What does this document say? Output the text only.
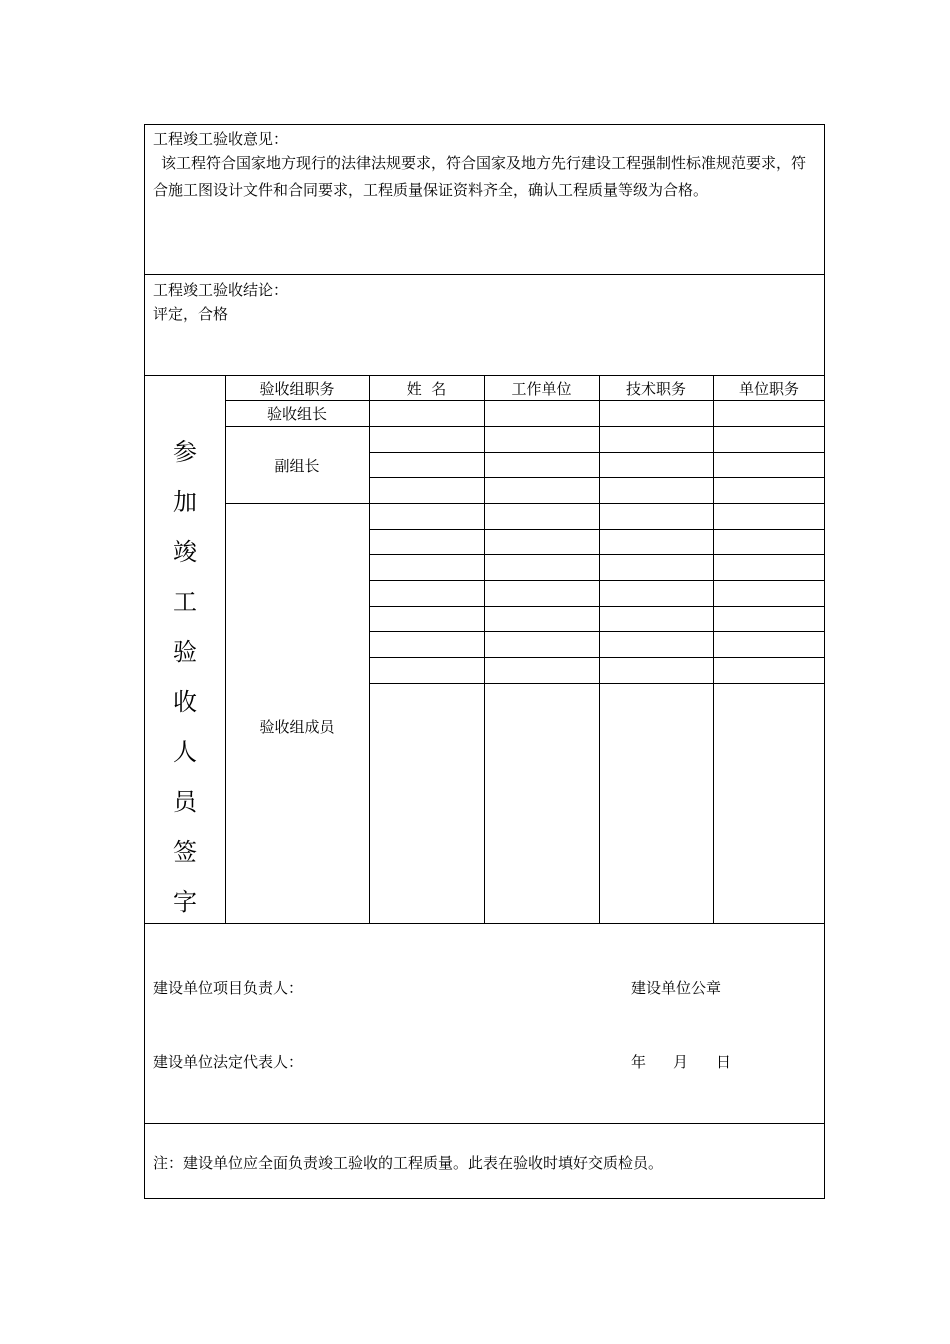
工程竣工验收意见：
该工程符合国家地方现行的法律法规要求，符合国家及地方先行建设工程强制性标准规范要求，符合施工图设计文件和合同要求，工程质量保证资料齐全，确认工程质量等级为合格。
工程竣工验收结论：
评定，合格
验收组职务	姓  名	工作单位	技术职务	单位职务
验收组长
副组长
验收组成员
参
加
竣
工
验
收
人
员
签
字
建设单位项目负责人：	建设单位公章
建设单位法定代表人：	年 月 日
注：建设单位应全面负责竣工验收的工程质量。此表在验收时填好交质检员。
